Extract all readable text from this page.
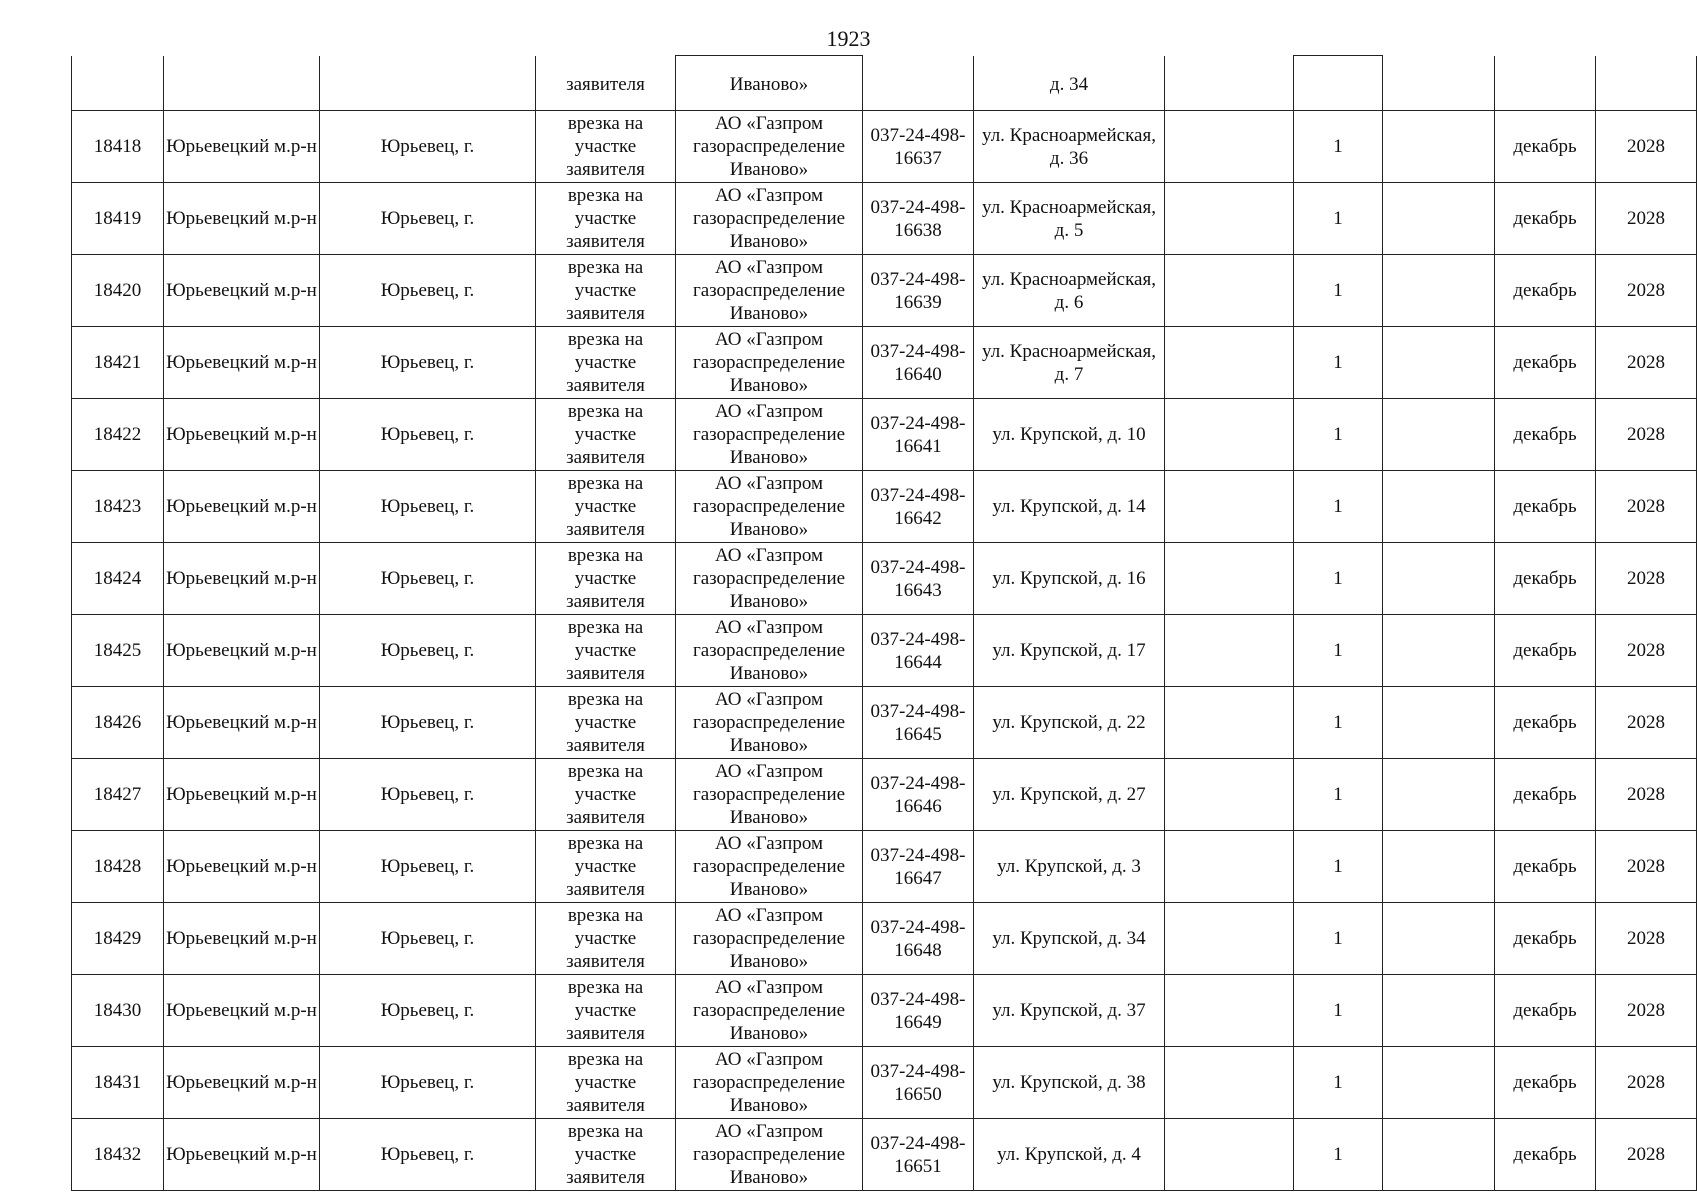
1923
			заявителя	Иваново»		д. 34					
18418	Юрьевецкий м.р-н	Юрьевец, г.	врезка на участке заявителя	АО «Газпром газораспределение Иваново»	037-24-498-16637	ул. Красноармейская, д. 36		1		декабрь	2028
18419	Юрьевецкий м.р-н	Юрьевец, г.	врезка на участке заявителя	АО «Газпром газораспределение Иваново»	037-24-498-16638	ул. Красноармейская, д. 5		1		декабрь	2028
18420	Юрьевецкий м.р-н	Юрьевец, г.	врезка на участке заявителя	АО «Газпром газораспределение Иваново»	037-24-498-16639	ул. Красноармейская, д. 6		1		декабрь	2028
18421	Юрьевецкий м.р-н	Юрьевец, г.	врезка на участке заявителя	АО «Газпром газораспределение Иваново»	037-24-498-16640	ул. Красноармейская, д. 7		1		декабрь	2028
18422	Юрьевецкий м.р-н	Юрьевец, г.	врезка на участке заявителя	АО «Газпром газораспределение Иваново»	037-24-498-16641	ул. Крупской, д. 10		1		декабрь	2028
18423	Юрьевецкий м.р-н	Юрьевец, г.	врезка на участке заявителя	АО «Газпром газораспределение Иваново»	037-24-498-16642	ул. Крупской, д. 14		1		декабрь	2028
18424	Юрьевецкий м.р-н	Юрьевец, г.	врезка на участке заявителя	АО «Газпром газораспределение Иваново»	037-24-498-16643	ул. Крупской, д. 16		1		декабрь	2028
18425	Юрьевецкий м.р-н	Юрьевец, г.	врезка на участке заявителя	АО «Газпром газораспределение Иваново»	037-24-498-16644	ул. Крупской, д. 17		1		декабрь	2028
18426	Юрьевецкий м.р-н	Юрьевец, г.	врезка на участке заявителя	АО «Газпром газораспределение Иваново»	037-24-498-16645	ул. Крупской, д. 22		1		декабрь	2028
18427	Юрьевецкий м.р-н	Юрьевец, г.	врезка на участке заявителя	АО «Газпром газораспределение Иваново»	037-24-498-16646	ул. Крупской, д. 27		1		декабрь	2028
18428	Юрьевецкий м.р-н	Юрьевец, г.	врезка на участке заявителя	АО «Газпром газораспределение Иваново»	037-24-498-16647	ул. Крупской, д. 3		1		декабрь	2028
18429	Юрьевецкий м.р-н	Юрьевец, г.	врезка на участке заявителя	АО «Газпром газораспределение Иваново»	037-24-498-16648	ул. Крупской, д. 34		1		декабрь	2028
18430	Юрьевецкий м.р-н	Юрьевец, г.	врезка на участке заявителя	АО «Газпром газораспределение Иваново»	037-24-498-16649	ул. Крупской, д. 37		1		декабрь	2028
18431	Юрьевецкий м.р-н	Юрьевец, г.	врезка на участке заявителя	АО «Газпром газораспределение Иваново»	037-24-498-16650	ул. Крупской, д. 38		1		декабрь	2028
18432	Юрьевецкий м.р-н	Юрьевец, г.	врезка на участке заявителя	АО «Газпром газораспределение Иваново»	037-24-498-16651	ул. Крупской, д. 4		1		декабрь	2028
